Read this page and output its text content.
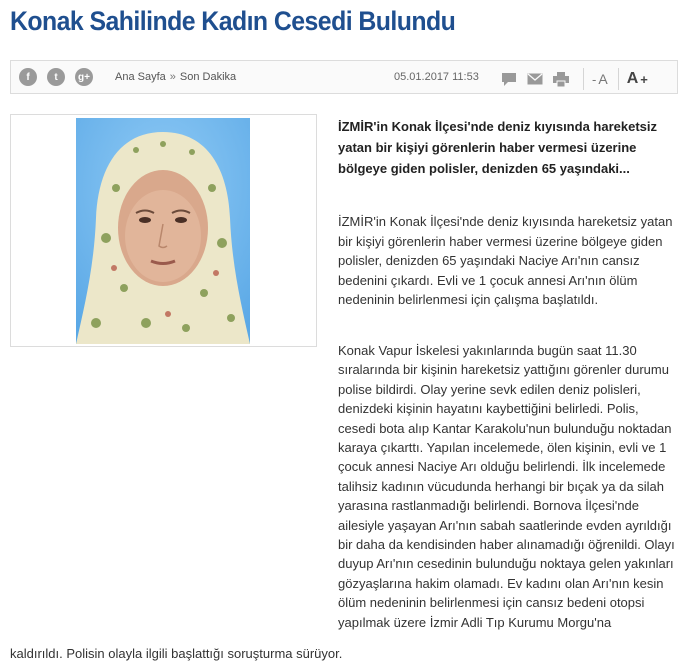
Konak Sahilinde Kadın Cesedi Bulundu
f	t	g+ Ana Sayfa » Son Dakika	05.01.2017 11:53	- A A +

İZMİR'in Konak İlçesi'nde deniz kıyısında hareketsiz yatan bir kişiyi görenlerin haber vermesi üzerine bölgeye giden polisler, denizden 65 yaşındaki...

İZMİR'in Konak İlçesi'nde deniz kıyısında hareketsiz yatan bir kişiyi görenlerin haber vermesi üzerine bölgeye giden polisler, denizden 65 yaşındaki Naciye Arı'nın cansız bedenini çıkardı. Evli ve 1 çocuk annesi Arı'nın ölüm nedeninin belirlenmesi için çalışma başlatıldı.

Konak Vapur İskelesi yakınlarında bugün saat 11.30 sıralarında bir kişinin hareketsiz yattığını görenler durumu polise bildirdi. Olay yerine sevk edilen deniz polisleri, denizdeki kişinin hayatını kaybettiğini belirledi. Polis, cesedi bota alıp Kantar Karakolu'nun bulunduğu noktadan karaya çıkarttı. Yapılan incelemede, ölen kişinin, evli ve 1 çocuk annesi Naciye Arı olduğu belirlendi. İlk incelemede talihsiz kadının vücudunda herhangi bir bıçak ya da silah yarasına rastlanmadığı belirlendi. Bornova İlçesi'nde ailesiyle yaşayan Arı'nın sabah saatlerinde evden ayrıldığı bir daha da kendisinden haber alınamadığı öğrenildi. Olayı duyup Arı'nın cesedinin bulunduğu noktaya gelen yakınları gözyaşlarına hakim olamadı. Ev kadını olan Arı'nın kesin ölüm nedeninin belirlenmesi için cansız bedeni otopsi yapılmak üzere İzmir Adli Tıp Kurumu Morgu'na

kaldırıldı. Polisin olayla ilgili başlattığı soruşturma sürüyor.
